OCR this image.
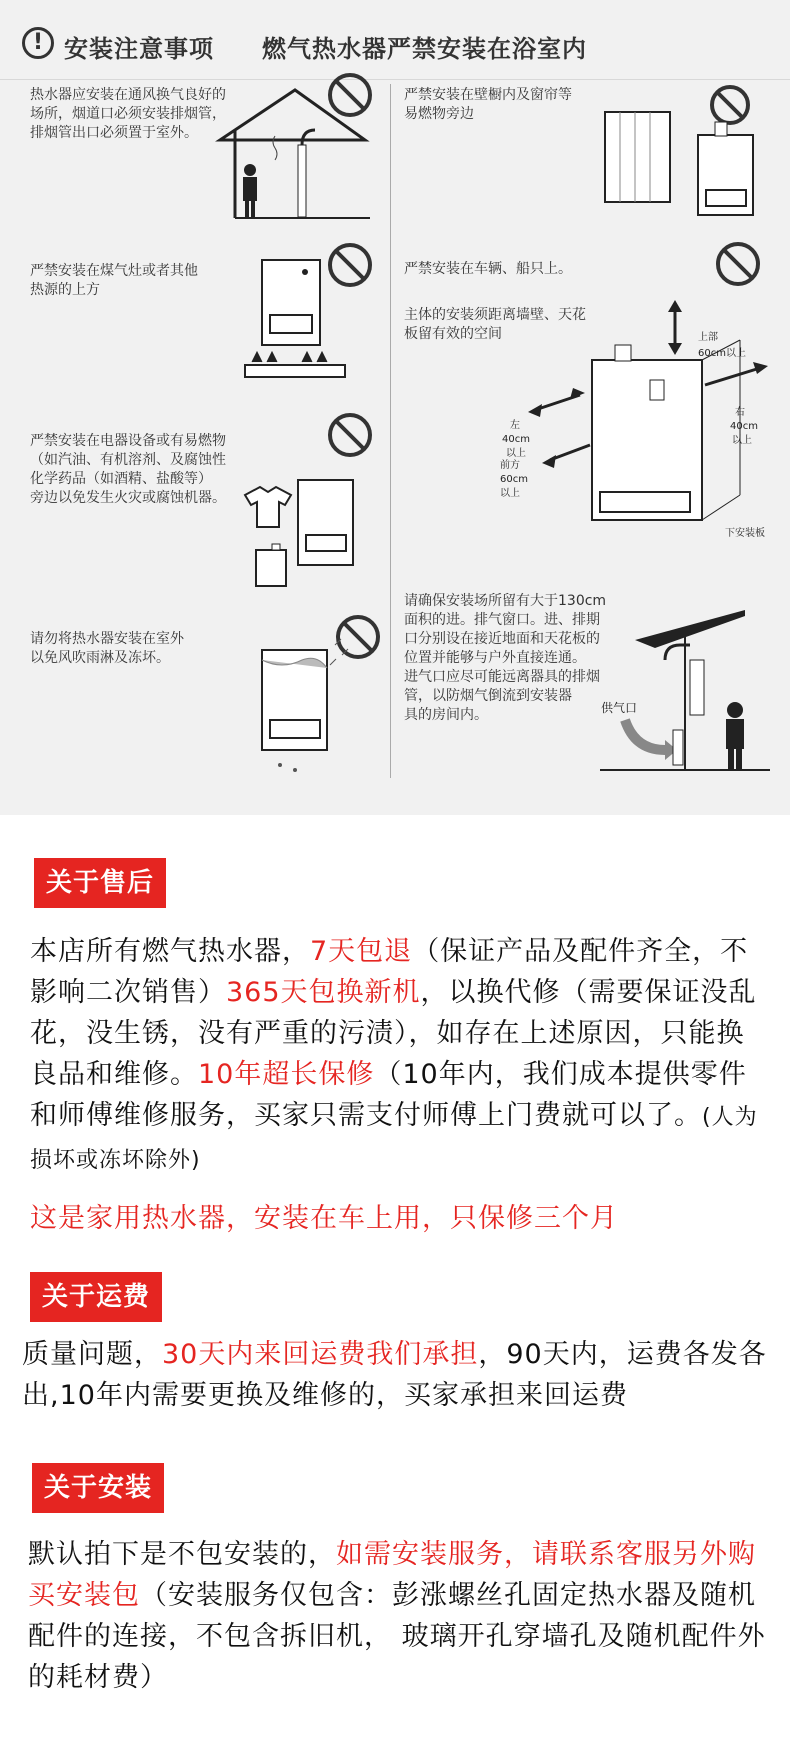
! 安装注意事项 燃气热水器严禁安装在浴室内
热水器应安装在通风换气良好的
场所，烟道口必须安装排烟管，
排烟管出口必须置于室外。
严禁安装在煤气灶或者其他
热源的上方
严禁安装在电器设备或有易燃物
（如汽油、有机溶剂、及腐蚀性
化学药品（如酒精、盐酸等）
旁边以免发生火灾或腐蚀机器。
请勿将热水器安装在室外
以免风吹雨淋及冻坏。
严禁安装在壁橱内及窗帘等
易燃物旁边
严禁安装在车辆、船只上。
主体的安装须距离墙壁、天花
板留有效的空间	上部
60cm以上
左
40cm
以上
右
40cm
以上
前方
60cm
以上
下安装板
请确保安装场所留有大于130cm
面积的进。排气窗口。进、排期
口分别设在接近地面和天花板的
位置并能够与户外直接连通。
进气口应尽可能远离器具的排烟
管，以防烟气倒流到安装器
具的房间内。	供气口
关于售后
本店所有燃气热水器，7天包退（保证产品及配件齐全，不影响二次销售）365天包换新机，以换代修（需要保证没乱花，没生锈，没有严重的污渍），如存在上述原因，只能换良品和维修。10年超长保修（10年内，我们成本提供零件和师傅维修服务，买家只需支付师傅上门费就可以了。(人为损坏或冻坏除外)
这是家用热水器，安装在车上用，只保修三个月
关于运费
质量问题，30天内来回运费我们承担，90天内，运费各发各出,10年内需要更换及维修的，买家承担来回运费
关于安装
默认拍下是不包安装的，如需安装服务，请联系客服另外购买安装包（安装服务仅包含：彭涨螺丝孔固定热水器及随机配件的连接，不包含拆旧机， 玻璃开孔穿墙孔及随机配件外的耗材费）
